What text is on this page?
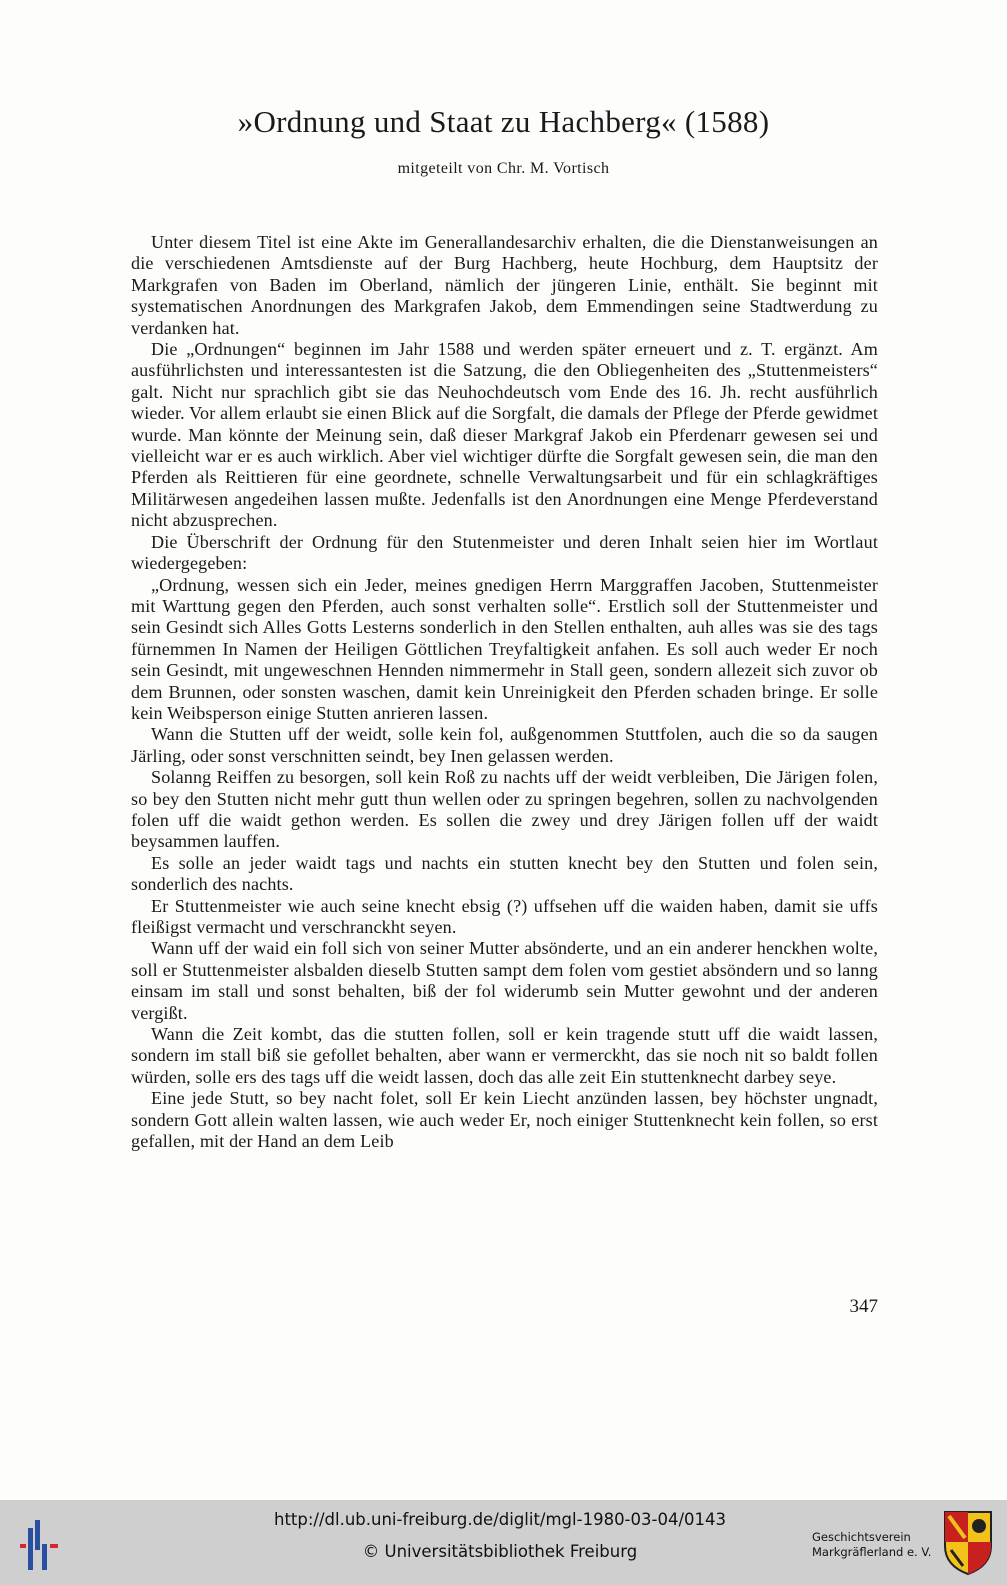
»Ordnung und Staat zu Hachberg« (1588)
mitgeteilt von Chr. M. Vortisch

Unter diesem Titel ist eine Akte im Generallandesarchiv erhalten, die die Dienstanweisungen an die verschiedenen Amtsdienste auf der Burg Hachberg, heute Hochburg, dem Hauptsitz der Markgrafen von Baden im Oberland, nämlich der jüngeren Linie, enthält. Sie beginnt mit systematischen Anordnungen des Markgrafen Jakob, dem Emmendingen seine Stadtwerdung zu verdanken hat.

Die „Ordnungen“ beginnen im Jahr 1588 und werden später erneuert und z. T. ergänzt. Am ausführlichsten und interessantesten ist die Satzung, die den Obliegenheiten des „Stuttenmeisters“ galt. Nicht nur sprachlich gibt sie das Neuhochdeutsch vom Ende des 16. Jh. recht ausführlich wieder. Vor allem erlaubt sie einen Blick auf die Sorgfalt, die damals der Pflege der Pferde gewidmet wurde. Man könnte der Meinung sein, daß dieser Markgraf Jakob ein Pferdenarr gewesen sei und vielleicht war er es auch wirklich. Aber viel wichtiger dürfte die Sorgfalt gewesen sein, die man den Pferden als Reittieren für eine geordnete, schnelle Verwaltungsarbeit und für ein schlagkräftiges Militärwesen angedeihen lassen mußte. Jedenfalls ist den Anordnungen eine Menge Pferdeverstand nicht abzusprechen.

Die Überschrift der Ordnung für den Stutenmeister und deren Inhalt seien hier im Wortlaut wiedergegeben:

„Ordnung, wessen sich ein Jeder, meines gnedigen Herrn Marggraffen Jacoben, Stuttenmeister mit Warttung gegen den Pferden, auch sonst verhalten solle“. Erstlich soll der Stuttenmeister und sein Gesindt sich Alles Gotts Lesterns sonderlich in den Stellen enthalten, auh alles was sie des tags fürnemmen In Namen der Heiligen Göttlichen Treyfaltigkeit anfahen. Es soll auch weder Er noch sein Gesindt, mit ungeweschnen Hennden nimmermehr in Stall geen, sondern allezeit sich zuvor ob dem Brunnen, oder sonsten waschen, damit kein Unreinigkeit den Pferden schaden bringe. Er solle kein Weibsperson einige Stutten anrieren lassen.

Wann die Stutten uff der weidt, solle kein fol, außgenommen Stuttfolen, auch die so da saugen Järling, oder sonst verschnitten seindt, bey Inen gelassen werden.

Solanng Reiffen zu besorgen, soll kein Roß zu nachts uff der weidt verbleiben, Die Järigen folen, so bey den Stutten nicht mehr gutt thun wellen oder zu springen begehren, sollen zu nachvolgenden folen uff die waidt gethon werden. Es sollen die zwey und drey Järigen follen uff der waidt beysammen lauffen.

Es solle an jeder waidt tags und nachts ein stutten knecht bey den Stutten und folen sein, sonderlich des nachts.

Er Stuttenmeister wie auch seine knecht ebsig (?) uffsehen uff die waiden haben, damit sie uffs fleißigst vermacht und verschranckht seyen.

Wann uff der waid ein foll sich von seiner Mutter absönderte, und an ein anderer henckhen wolte, soll er Stuttenmeister alsbalden dieselb Stutten sampt dem folen vom gestiet absöndern und so lanng einsam im stall und sonst behalten, biß der fol widerumb sein Mutter gewohnt und der anderen vergißt.

Wann die Zeit kombt, das die stutten follen, soll er kein tragende stutt uff die waidt lassen, sondern im stall biß sie gefollet behalten, aber wann er vermerckht, das sie noch nit so baldt follen würden, solle ers des tags uff die weidt lassen, doch das alle zeit Ein stuttenknecht darbey seye.

Eine jede Stutt, so bey nacht folet, soll Er kein Liecht anzünden lassen, bey höchster ungnadt, sondern Gott allein walten lassen, wie auch weder Er, noch einiger Stuttenknecht kein follen, so erst gefallen, mit der Hand an dem Leib

347
http://dl.ub.uni-freiburg.de/diglit/mgl-1980-03-04/0143
© Universitätsbibliothek Freiburg
Geschichtsverein
Markgräflerland e. V.
